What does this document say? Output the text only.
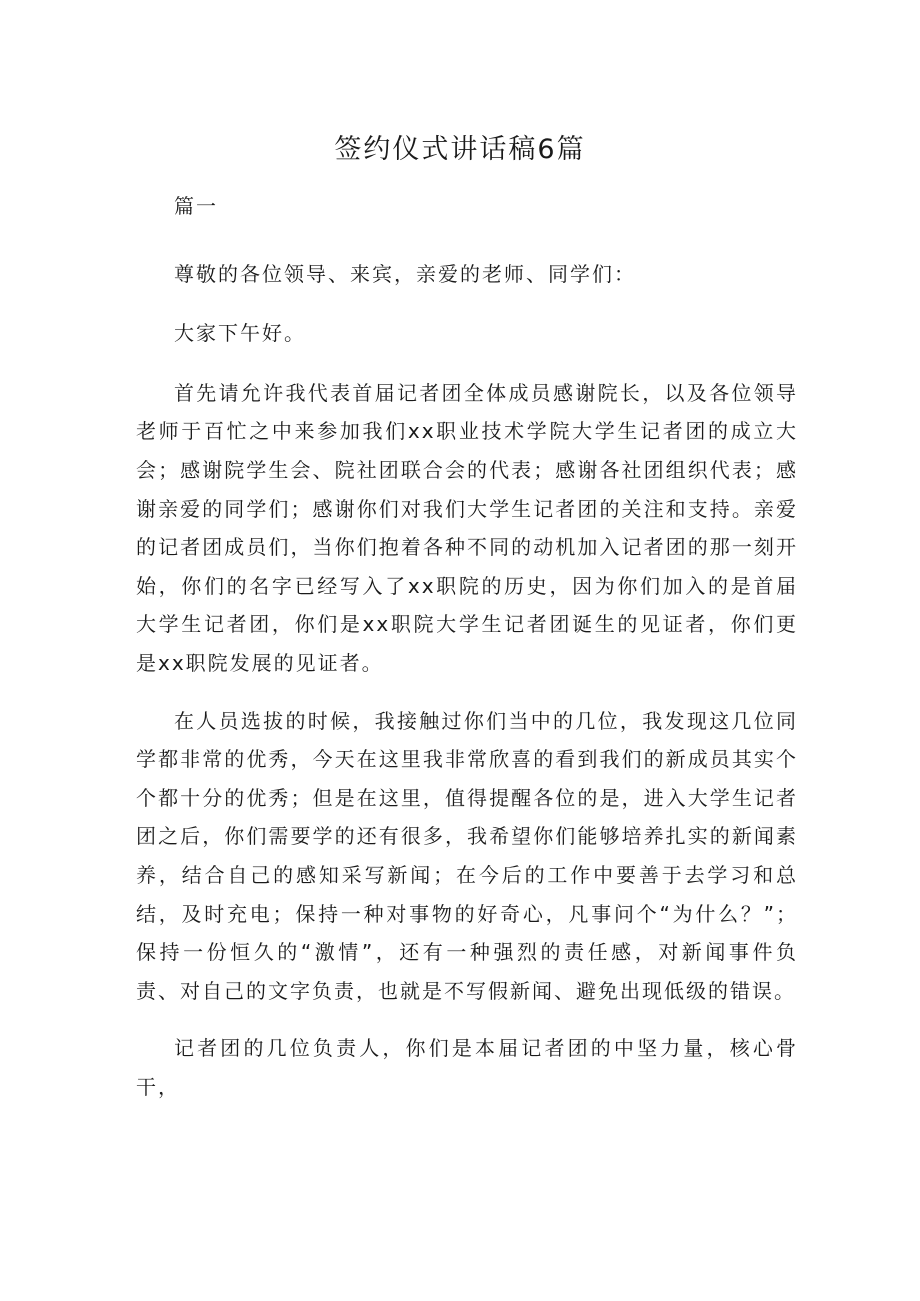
签约仪式讲话稿6篇

篇一

尊敬的各位领导、来宾，亲爱的老师、同学们：

大家下午好。

首先请允许我代表首届记者团全体成员感谢院长，以及各位领导老师于百忙之中来参加我们xx职业技术学院大学生记者团的成立大会；感谢院学生会、院社团联合会的代表；感谢各社团组织代表；感谢亲爱的同学们；感谢你们对我们大学生记者团的关注和支持。亲爱的记者团成员们，当你们抱着各种不同的动机加入记者团的那一刻开始，你们的名字已经写入了xx职院的历史，因为你们加入的是首届大学生记者团，你们是xx职院大学生记者团诞生的见证者，你们更是xx职院发展的见证者。

在人员选拔的时候，我接触过你们当中的几位，我发现这几位同学都非常的优秀，今天在这里我非常欣喜的看到我们的新成员其实个个都十分的优秀；但是在这里，值得提醒各位的是，进入大学生记者团之后，你们需要学的还有很多，我希望你们能够培养扎实的新闻素养，结合自己的感知采写新闻；在今后的工作中要善于去学习和总结，及时充电；保持一种对事物的好奇心，凡事问个“为什么？”；保持一份恒久的“激情”，还有一种强烈的责任感，对新闻事件负责、对自己的文字负责，也就是不写假新闻、避免出现低级的错误。

记者团的几位负责人，你们是本届记者团的中坚力量，核心骨干，
